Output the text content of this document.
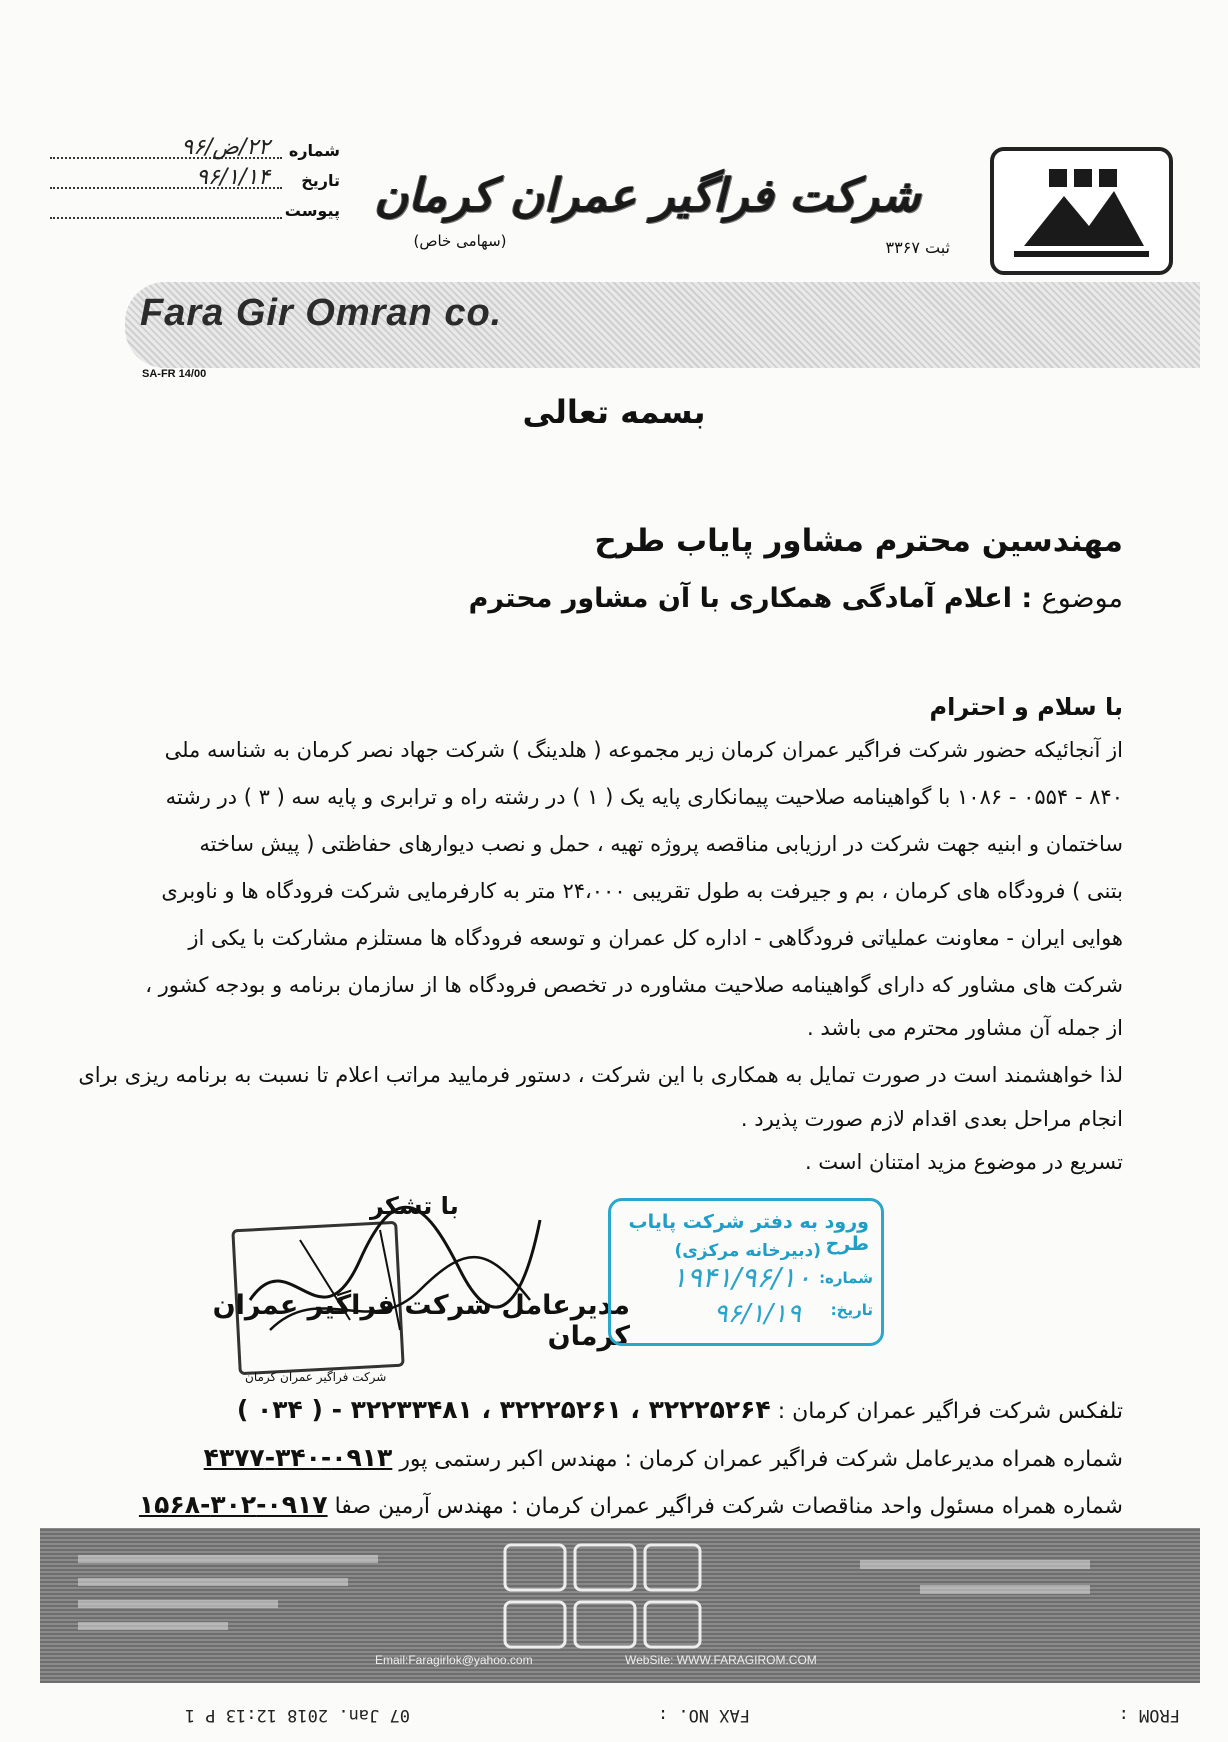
شرکت فراگیر عمران کرمان
(سهامی خاص)	ثبت ۳۳۶۷
شماره
۲۲/ض/۹۶
تاریخ
۹۶/۱/۱۴
پیوست
Fara Gir Omran co.
SA-FR 14/00
بسمه تعالی
مهندسین محترم مشاور پایاب طرح
موضوع : اعلام آمادگی همکاری با آن مشاور محترم
با سلام و احترام
از آنجائیکه حضور شرکت فراگیر عمران کرمان زیر مجموعه ( هلدینگ ) شرکت جهاد نصر کرمان به شناسه ملی
۸۴۰ - ۰۵۵۴ - ۱۰۸۶ با گواهینامه صلاحیت پیمانکاری پایه یک ( ۱ ) در رشته راه و ترابری و پایه سه ( ۳ ) در رشته
ساختمان و ابنیه جهت شرکت در ارزیابی مناقصه پروژه تهیه ، حمل و نصب دیوارهای حفاظتی ( پیش ساخته
بتنی ) فرودگاه های کرمان ، بم و جیرفت به طول تقریبی ۲۴،۰۰۰ متر به کارفرمایی شرکت فرودگاه ها و ناوبری
هوایی ایران - معاونت عملیاتی فرودگاهی - اداره کل عمران و توسعه فرودگاه ها مستلزم مشارکت با یکی از
شرکت های مشاور که دارای گواهینامه صلاحیت مشاوره در تخصص فرودگاه ها از سازمان برنامه و بودجه کشور ،
از جمله آن مشاور محترم می باشد .
لذا خواهشمند است در صورت تمایل به همکاری با این شرکت ، دستور فرمایید مراتب اعلام تا نسبت به برنامه ریزی برای
انجام مراحل بعدی اقدام لازم صورت پذیرد .
تسریع در موضوع مزید امتنان است .
با تشکر
مدیرعامل شرکت فراگیر عمران کرمان
شرکت فراگیر عمران کرمان
ورود به دفتر شرکت پایاب طرح
(دبیرخانه مرکزی)
شماره:
۱۹۴۱/۹۶/۱۰
تاریخ:
۹۶/۱/۱۹
تلفکس شرکت فراگیر عمران کرمان : ۳۲۲۲۵۲۶۴ ، ۳۲۲۲۵۲۶۱ ، ۳۲۲۳۳۴۸۱ - ( ۰۳۴ )
شماره همراه مدیرعامل شرکت فراگیر عمران کرمان : مهندس اکبر رستمی پور ۰۹۱۳-۳۴۰-۴۳۷۷
شماره همراه مسئول واحد مناقصات شرکت فراگیر عمران کرمان : مهندس آرمین صفا ۰۹۱۷-۳۰۲-۱۵۶۸
Email:Faragirlok@yahoo.com	WebSite: WWW.FARAGIROM.COM
FROM :
FAX NO. :
07 Jan. 2018 12:13 P 1
